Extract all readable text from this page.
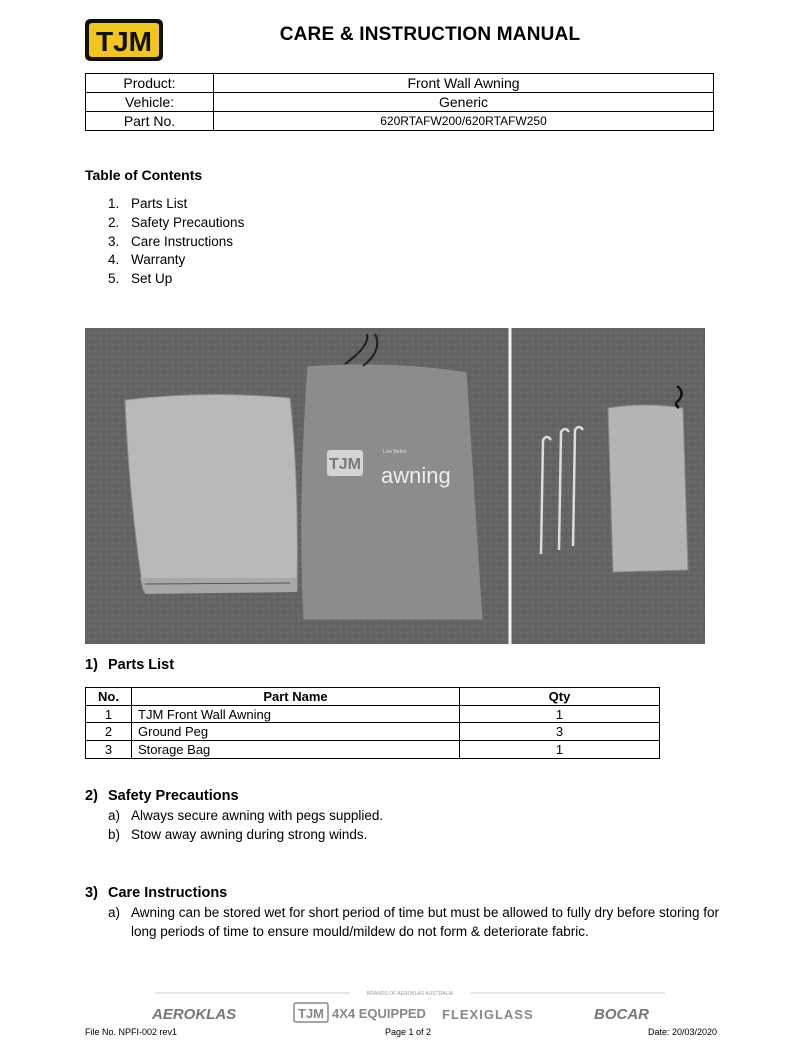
TJM	CARE & INSTRUCTION MANUAL
Product:	Front Wall Awning
Vehicle:	Generic
Part No.	620RTAFW200/620RTAFW250
Table of Contents
1. Parts List
2. Safety Precautions
3. Care Instructions
4. Warranty
5. Set Up
TJM
Live Better
awning
1) Parts List
No.	Part Name	Qty
1	TJM Front Wall Awning	1
2	Ground Peg	3
3	Storage Bag	1
2) Safety Precautions
a) Always secure awning with pegs supplied.
b) Stow away awning during strong winds.
3) Care Instructions
a) Awning can be stored wet for short period of time but must be allowed to fully dry before storing for long periods of time to ensure mould/mildew do not form & deteriorate fabric.
BRANDS OF AEROKLAS AUSTRALIA
AEROKLAS	TJM 4X4 EQUIPPED FLEXIGLASS	BOCAR
File No. NPFI-002 rev1	Page 1 of 2	Date: 20/03/2020
